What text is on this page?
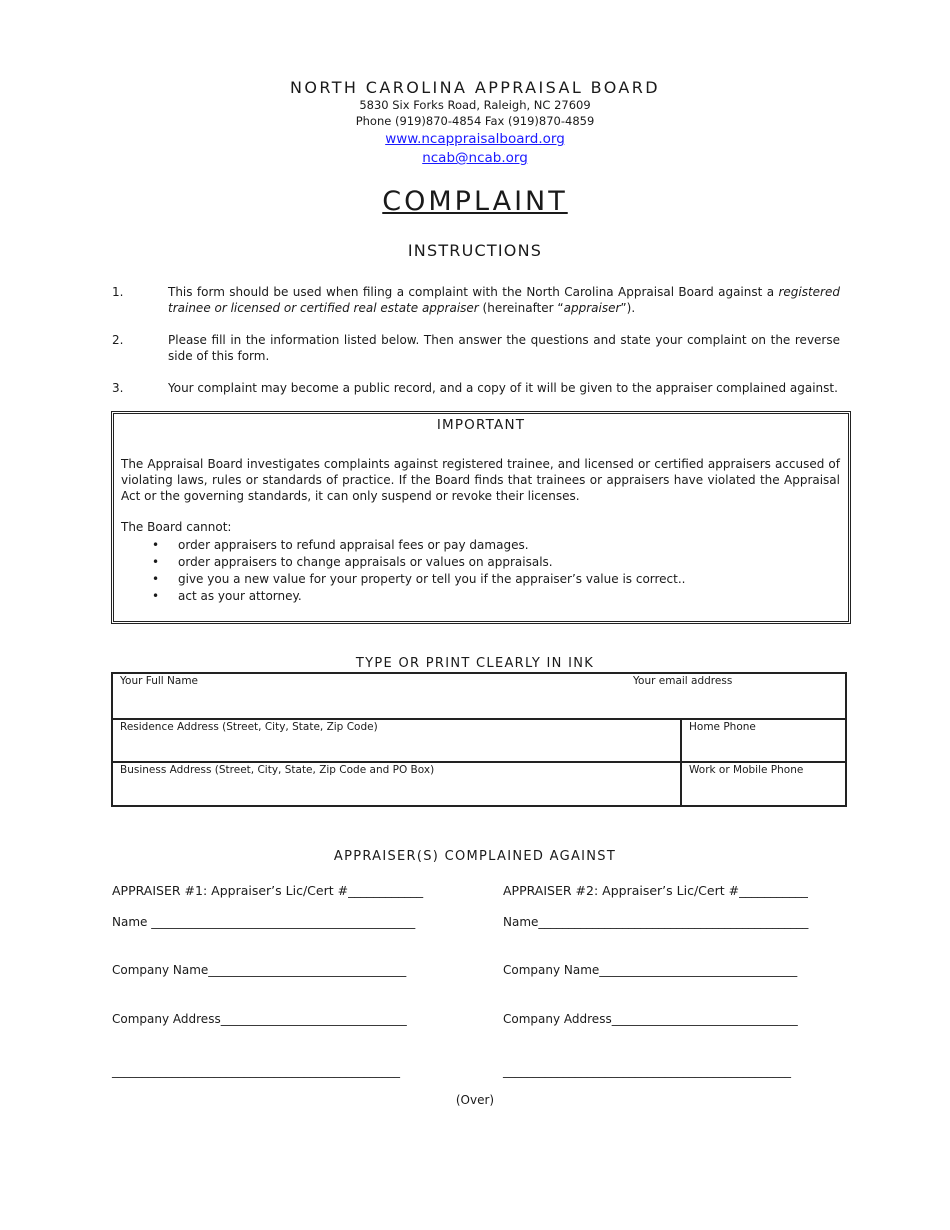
NORTH CAROLINA APPRAISAL BOARD
5830 Six Forks Road, Raleigh, NC 27609
Phone (919)870-4854 Fax (919)870-4859
www.ncappraisalboard.org
ncab@ncab.org
COMPLAINT
INSTRUCTIONS
1.	This form should be used when filing a complaint with the North Carolina Appraisal Board against a registered trainee or licensed or certified real estate appraiser (hereinafter “appraiser”).
2.	Please fill in the information listed below. Then answer the questions and state your complaint on the reverse side of this form.
3.	Your complaint may become a public record, and a copy of it will be given to the appraiser complained against.
IMPORTANT
The Appraisal Board investigates complaints against registered trainee, and licensed or certified appraisers accused of violating laws, rules or standards of practice. If the Board finds that trainees or appraisers have violated the Appraisal Act or the governing standards, it can only suspend or revoke their licenses.
The Board cannot:
• order appraisers to refund appraisal fees or pay damages.
• order appraisers to change appraisals or values on appraisals.
• give you a new value for your property or tell you if the appraiser’s value is correct..
• act as your attorney.
TYPE OR PRINT CLEARLY IN INK
Your Full Name	Your email address
Residence Address (Street, City, State, Zip Code)	Home Phone
Business Address (Street, City, State, Zip Code and PO Box)	Work or Mobile Phone
APPRAISER(S) COMPLAINED AGAINST
APPRAISER #1: Appraiser’s Lic/Cert #____________
Name ____________________________________________
Company Name_________________________________
Company Address_______________________________
________________________________________________
APPRAISER #2: Appraiser’s Lic/Cert #___________
Name_____________________________________________
Company Name_________________________________
Company Address_______________________________
________________________________________________
(Over)
